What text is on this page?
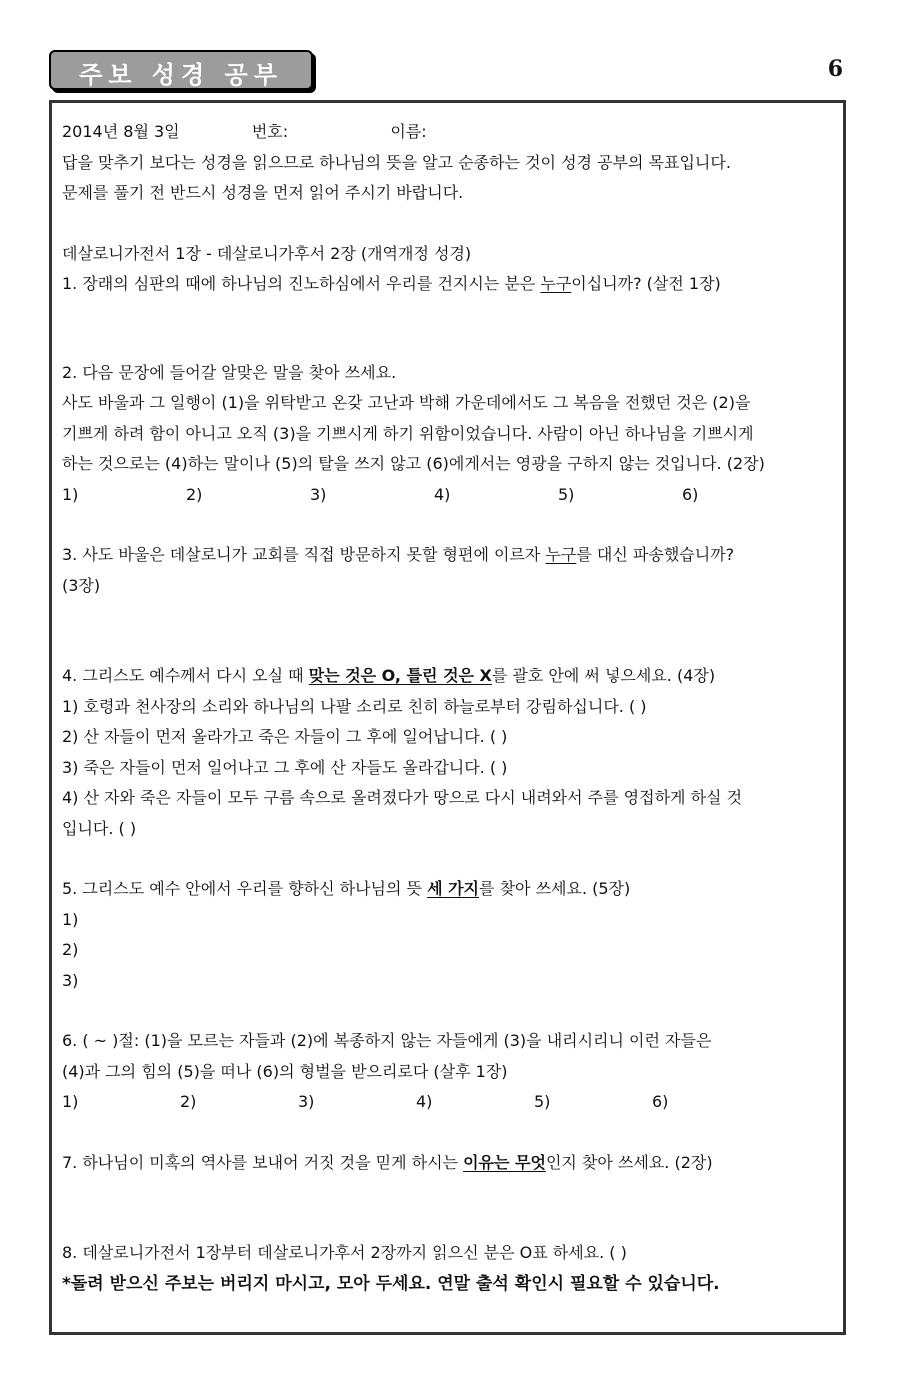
주보 성경 공부	6
2014년 8월 3일	번호:	이름:
답을 맞추기 보다는 성경을 읽으므로 하나님의 뜻을 알고 순종하는 것이 성경 공부의 목표입니다.
문제를 풀기 전 반드시 성경을 먼저 읽어 주시기 바랍니다.
데살로니가전서 1장 - 데살로니가후서 2장 (개역개정 성경)
1. 장래의 심판의 때에 하나님의 진노하심에서 우리를 건지시는 분은 누구이십니까? (살전 1장)
2. 다음 문장에 들어갈 알맞은 말을 찾아 쓰세요.
사도 바울과 그 일행이 (1)을 위탁받고 온갖 고난과 박해 가운데에서도 그 복음을 전했던 것은 (2)을
기쁘게 하려 함이 아니고 오직 (3)을 기쁘시게 하기 위함이었습니다. 사람이 아닌 하나님을 기쁘시게
하는 것으로는 (4)하는 말이나 (5)의 탈을 쓰지 않고 (6)에게서는 영광을 구하지 않는 것입니다. (2장)
1)	2)	3)	4)	5)	6)
3. 사도 바울은 데살로니가 교회를 직접 방문하지 못할 형편에 이르자 누구를 대신 파송했습니까?
(3장)
4. 그리스도 예수께서 다시 오실 때 맞는 것은 O, 틀린 것은 X를 괄호 안에 써 넣으세요. (4장)
1) 호령과 천사장의 소리와 하나님의 나팔 소리로 친히 하늘로부터 강림하십니다. ( )
2) 산 자들이 먼저 올라가고 죽은 자들이 그 후에 일어납니다. ( )
3) 죽은 자들이 먼저 일어나고 그 후에 산 자들도 올라갑니다. ( )
4) 산 자와 죽은 자들이 모두 구름 속으로 올려졌다가 땅으로 다시 내려와서 주를 영접하게 하실 것
입니다. ( )
5. 그리스도 예수 안에서 우리를 향하신 하나님의 뜻 세 가지를 찾아 쓰세요. (5장)
1)
2)
3)
6. ( ~ )절: (1)을 모르는 자들과 (2)에 복종하지 않는 자들에게 (3)을 내리시리니 이런 자들은
(4)과 그의 힘의 (5)을 떠나 (6)의 형벌을 받으리로다 (살후 1장)
1)	2)	3)	4)	5)	6)
7. 하나님이 미혹의 역사를 보내어 거짓 것을 믿게 하시는 이유는 무엇인지 찾아 쓰세요. (2장)
8. 데살로니가전서 1장부터 데살로니가후서 2장까지 읽으신 분은 O표 하세요. ( )
*돌려 받으신 주보는 버리지 마시고, 모아 두세요. 연말 출석 확인시 필요할 수 있습니다.
